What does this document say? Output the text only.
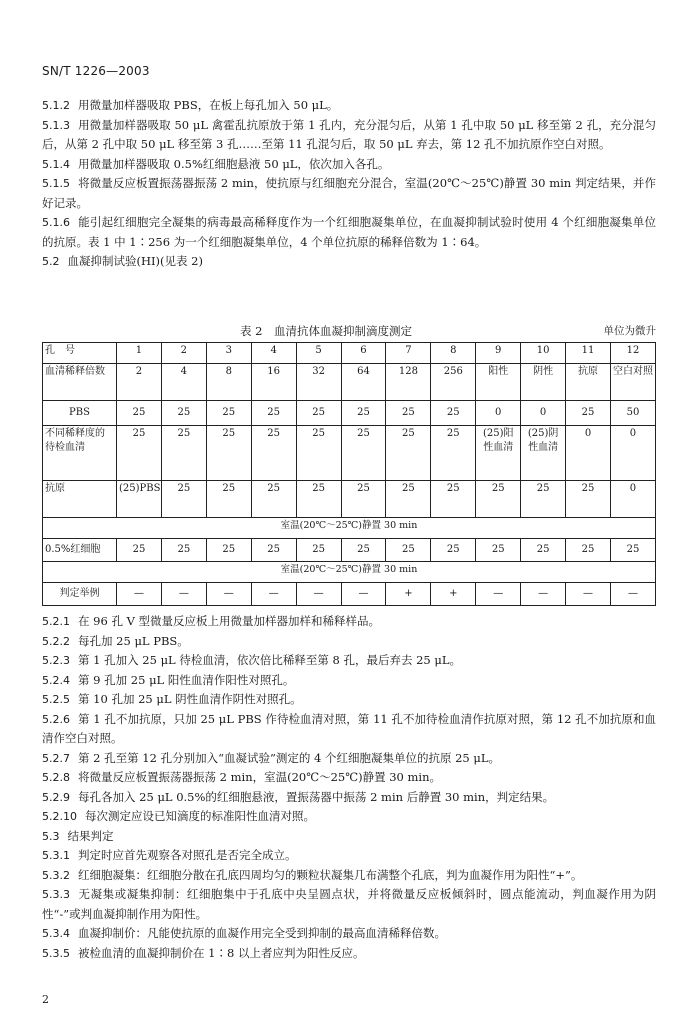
SN/T 1226—2003

5.1.2 用微量加样器吸取 PBS，在板上每孔加入 50 μL。

5.1.3 用微量加样器吸取 50 μL 禽霍乱抗原放于第 1 孔内，充分混匀后，从第 1 孔中取 50 μL 移至第 2 孔，充分混匀后，从第 2 孔中取 50 μL 移至第 3 孔……至第 11 孔混匀后，取 50 μL 弃去，第 12 孔不加抗原作空白对照。

5.1.4 用微量加样器吸取 0.5%红细胞悬液 50 μL，依次加入各孔。

5.1.5 将微量反应板置振荡器振荡 2 min，使抗原与红细胞充分混合，室温(20℃～25℃)静置 30 min 判定结果，并作好记录。

5.1.6 能引起红细胞完全凝集的病毒最高稀释度作为一个红细胞凝集单位，在血凝抑制试验时使用 4 个红细胞凝集单位的抗原。表 1 中 1∶256 为一个红细胞凝集单位，4 个单位抗原的稀释倍数为 1∶64。

5.2 血凝抑制试验(HI)(见表 2)

表 2　血清抗体血凝抑制滴度测定	单位为微升
孔　号	1	2	3	4	5	6	7	8	9	10	11	12
血清稀释倍数	2	4	8	16	32	64	128	256	阳性	阴性	抗原	空白对照
PBS	25	25	25	25	25	25	25	25	0	0	25	50
不同稀释度的待检血清	25	25	25	25	25	25	25	25	(25)阳性血清	(25)阴性血清	0	0
抗原	(25)PBS	25	25	25	25	25	25	25	25	25	25	0
室温(20℃～25℃)静置 30 min												
0.5%红细胞	25	25	25	25	25	25	25	25	25	25	25	25
室温(20℃～25℃)静置 30 min												
判定举例	—	—	—	—	—	—	+	+	—	—	—	—

5.2.1 在 96 孔 V 型微量反应板上用微量加样器加样和稀释样品。

5.2.2 每孔加 25 μL PBS。

5.2.3 第 1 孔加入 25 μL 待检血清，依次倍比稀释至第 8 孔，最后弃去 25 μL。

5.2.4 第 9 孔加 25 μL 阳性血清作阳性对照孔。

5.2.5 第 10 孔加 25 μL 阴性血清作阴性对照孔。

5.2.6 第 1 孔不加抗原，只加 25 μL PBS 作待检血清对照，第 11 孔不加待检血清作抗原对照，第 12 孔不加抗原和血清作空白对照。

5.2.7 第 2 孔至第 12 孔分别加入“血凝试验”测定的 4 个红细胞凝集单位的抗原 25 μL。

5.2.8 将微量反应板置振荡器振荡 2 min，室温(20℃～25℃)静置 30 min。

5.2.9 每孔各加入 25 μL 0.5%的红细胞悬液，置振荡器中振荡 2 min 后静置 30 min，判定结果。

5.2.10 每次测定应设已知滴度的标准阳性血清对照。

5.3 结果判定

5.3.1 判定时应首先观察各对照孔是否完全成立。

5.3.2 红细胞凝集：红细胞分散在孔底四周均匀的颗粒状凝集几布满整个孔底，判为血凝作用为阳性“+”。

5.3.3 无凝集或凝集抑制：红细胞集中于孔底中央呈圆点状，并将微量反应板倾斜时，圆点能流动，判血凝作用为阴性“-”或判血凝抑制作用为阳性。

5.3.4 血凝抑制价：凡能使抗原的血凝作用完全受到抑制的最高血清稀释倍数。

5.3.5 被检血清的血凝抑制价在 1∶8 以上者应判为阳性反应。

2
